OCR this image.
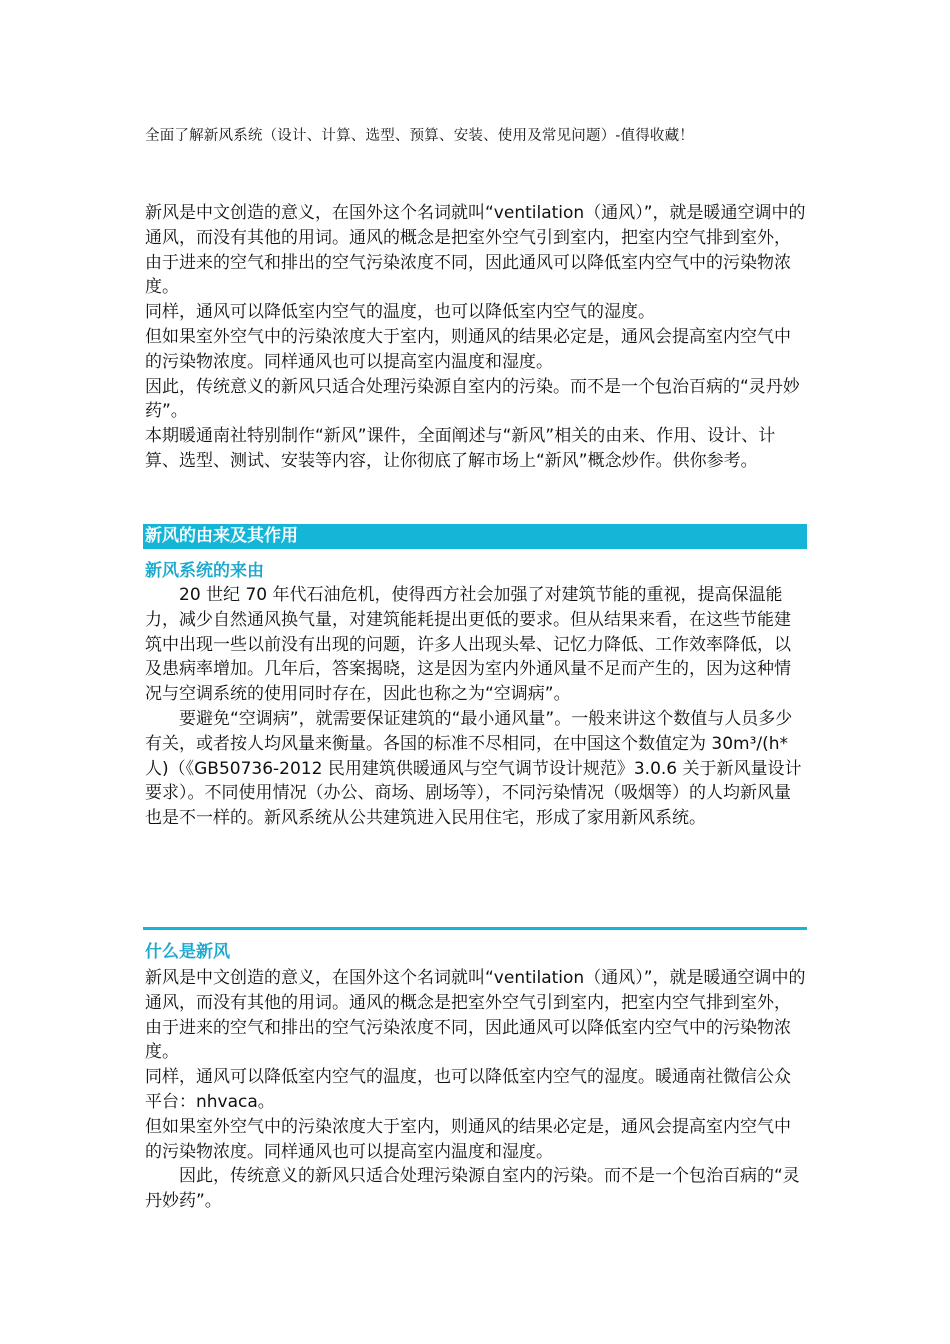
全面了解新风系统（设计、计算、选型、预算、安装、使用及常见问题）-值得收藏！

新风是中文创造的意义，在国外这个名词就叫“ventilation（通风）”，就是暖通空调中的通风，而没有其他的用词。通风的概念是把室外空气引到室内，把室内空气排到室外，由于进来的空气和排出的空气污染浓度不同，因此通风可以降低室内空气中的污染物浓度。

同样，通风可以降低室内空气的温度，也可以降低室内空气的湿度。

但如果室外空气中的污染浓度大于室内，则通风的结果必定是，通风会提高室内空气中的污染物浓度。同样通风也可以提高室内温度和湿度。

因此，传统意义的新风只适合处理污染源自室内的污染。而不是一个包治百病的“灵丹妙药”。

本期暖通南社特别制作“新风”课件，全面阐述与“新风”相关的由来、作用、设计、计算、选型、测试、安装等内容，让你彻底了解市场上“新风”概念炒作。供你参考。

新风的由来及其作用
新风系统的来由

20 世纪 70 年代石油危机，使得西方社会加强了对建筑节能的重视，提高保温能力，减少自然通风换气量，对建筑能耗提出更低的要求。但从结果来看，在这些节能建筑中出现一些以前没有出现的问题，许多人出现头晕、记忆力降低、工作效率降低，以及患病率增加。几年后，答案揭晓，这是因为室内外通风量不足而产生的，因为这种情况与空调系统的使用同时存在，因此也称之为“空调病”。

要避免“空调病”，就需要保证建筑的“最小通风量”。一般来讲这个数值与人员多少有关，或者按人均风量来衡量。各国的标准不尽相同，在中国这个数值定为 30m³/(h*人)（《GB50736-2012 民用建筑供暖通风与空气调节设计规范》3.0.6 关于新风量设计要求）。不同使用情况（办公、商场、剧场等），不同污染情况（吸烟等）的人均新风量也是不一样的。新风系统从公共建筑进入民用住宅，形成了家用新风系统。

什么是新风

新风是中文创造的意义，在国外这个名词就叫“ventilation（通风）”，就是暖通空调中的通风，而没有其他的用词。通风的概念是把室外空气引到室内，把室内空气排到室外，由于进来的空气和排出的空气污染浓度不同，因此通风可以降低室内空气中的污染物浓度。

同样，通风可以降低室内空气的温度，也可以降低室内空气的湿度。暖通南社微信公众平台：nhvaca。

但如果室外空气中的污染浓度大于室内，则通风的结果必定是，通风会提高室内空气中的污染物浓度。同样通风也可以提高室内温度和湿度。

因此，传统意义的新风只适合处理污染源自室内的污染。而不是一个包治百病的“灵丹妙药”。
